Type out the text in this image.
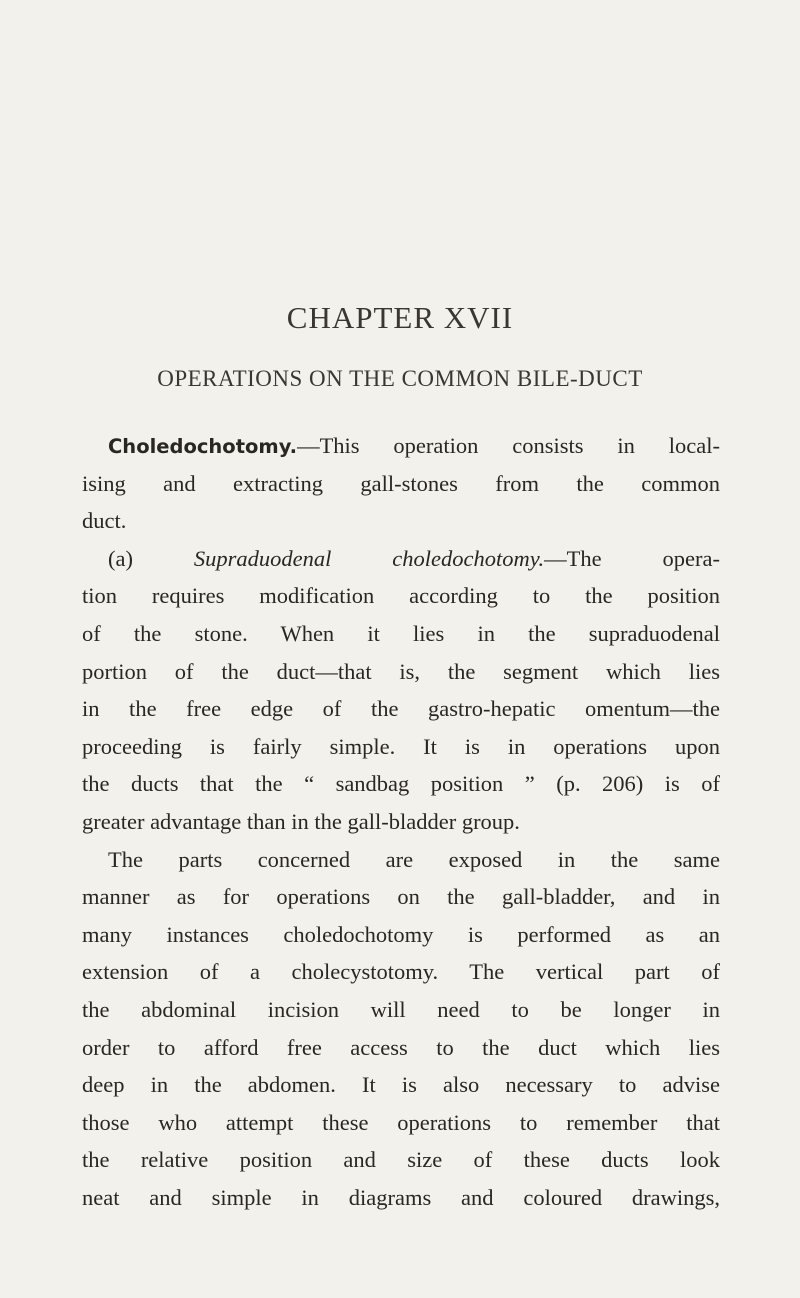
CHAPTER XVII
OPERATIONS ON THE COMMON BILE-DUCT
Choledochotomy.—This operation consists in local-
ising and extracting gall-stones from the common
duct.
(a) Supraduodenal choledochotomy.—The opera-
tion requires modification according to the position
of the stone. When it lies in the supraduodenal
portion of the duct—that is, the segment which lies
in the free edge of the gastro-hepatic omentum—the
proceeding is fairly simple. It is in operations upon
the ducts that the “ sandbag position ” (p. 206) is of
greater advantage than in the gall-bladder group.
The parts concerned are exposed in the same
manner as for operations on the gall-bladder, and in
many instances choledochotomy is performed as an
extension of a cholecystotomy. The vertical part of
the abdominal incision will need to be longer in
order to afford free access to the duct which lies
deep in the abdomen. It is also necessary to advise
those who attempt these operations to remember that
the relative position and size of these ducts look
neat and simple in diagrams and coloured drawings,
